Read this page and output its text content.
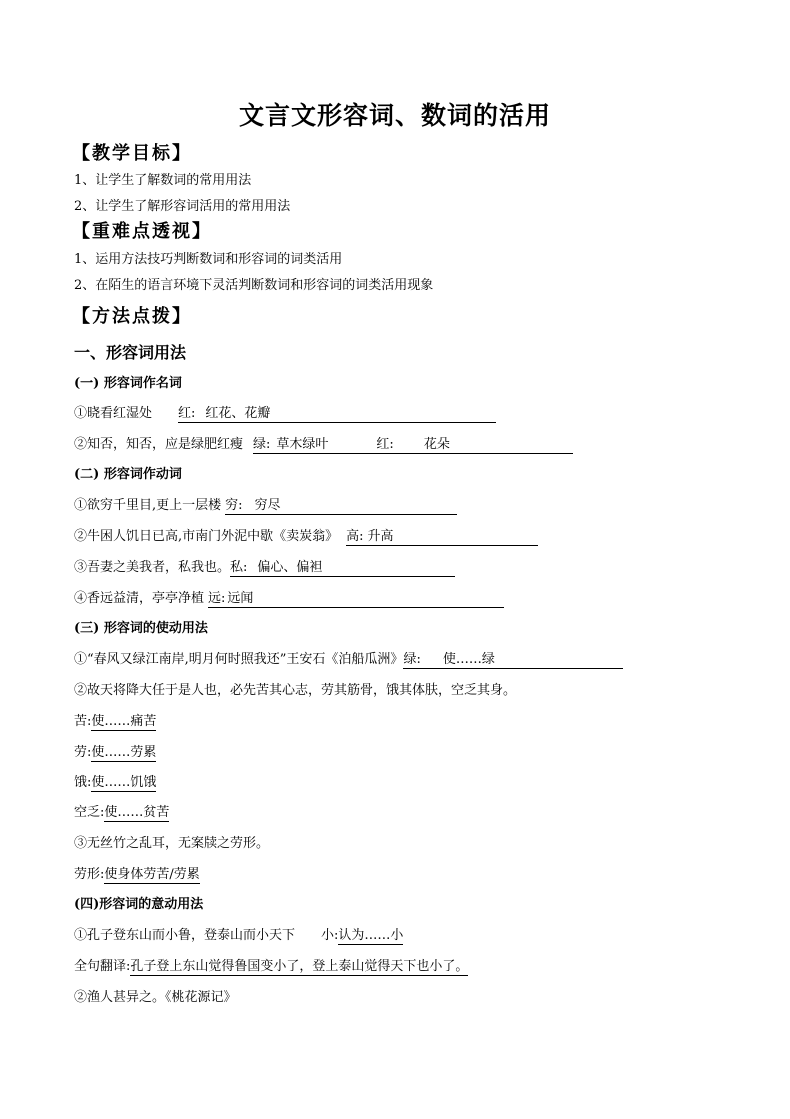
文言文形容词、数词的活用
【教学目标】
1、让学生了解数词的常用用法
2、让学生了解形容词活用的常用用法
【重难点透视】
1、运用方法技巧判断数词和形容词的词类活用
2、在陌生的语言环境下灵活判断数词和形容词的词类活用现象
【方法点拨】
一、形容词用法
(一) 形容词作名词
①晓看红湿处 红: 红花、花瓣
②知否，知否，应是绿肥红瘦 绿: 草木绿叶	红: 花朵
(二) 形容词作动词
①欲穷千里目,更上一层楼 穷: 穷尽
②牛困人饥日已高,市南门外泥中歇《卖炭翁》 高: 升高
③吾妻之美我者，私我也。私: 偏心、偏袒
④香远益清，亭亭净植 远: 远闻
(三) 形容词的使动用法
①“春风又绿江南岸,明月何时照我还”王安石《泊船瓜洲》绿: 使……绿
②故天将降大任于是人也，必先苦其心志，劳其筋骨，饿其体肤，空乏其身。
苦:使……痛苦
劳:使……劳累
饿:使……饥饿
空乏:使……贫苦
③无丝竹之乱耳，无案牍之劳形。
劳形:使身体劳苦/劳累
(四)形容词的意动用法
①孔子登东山而小鲁，登泰山而小天下 小:认为……小
全句翻译:孔子登上东山觉得鲁国变小了，登上泰山觉得天下也小了。
②渔人甚异之。《桃花源记》
